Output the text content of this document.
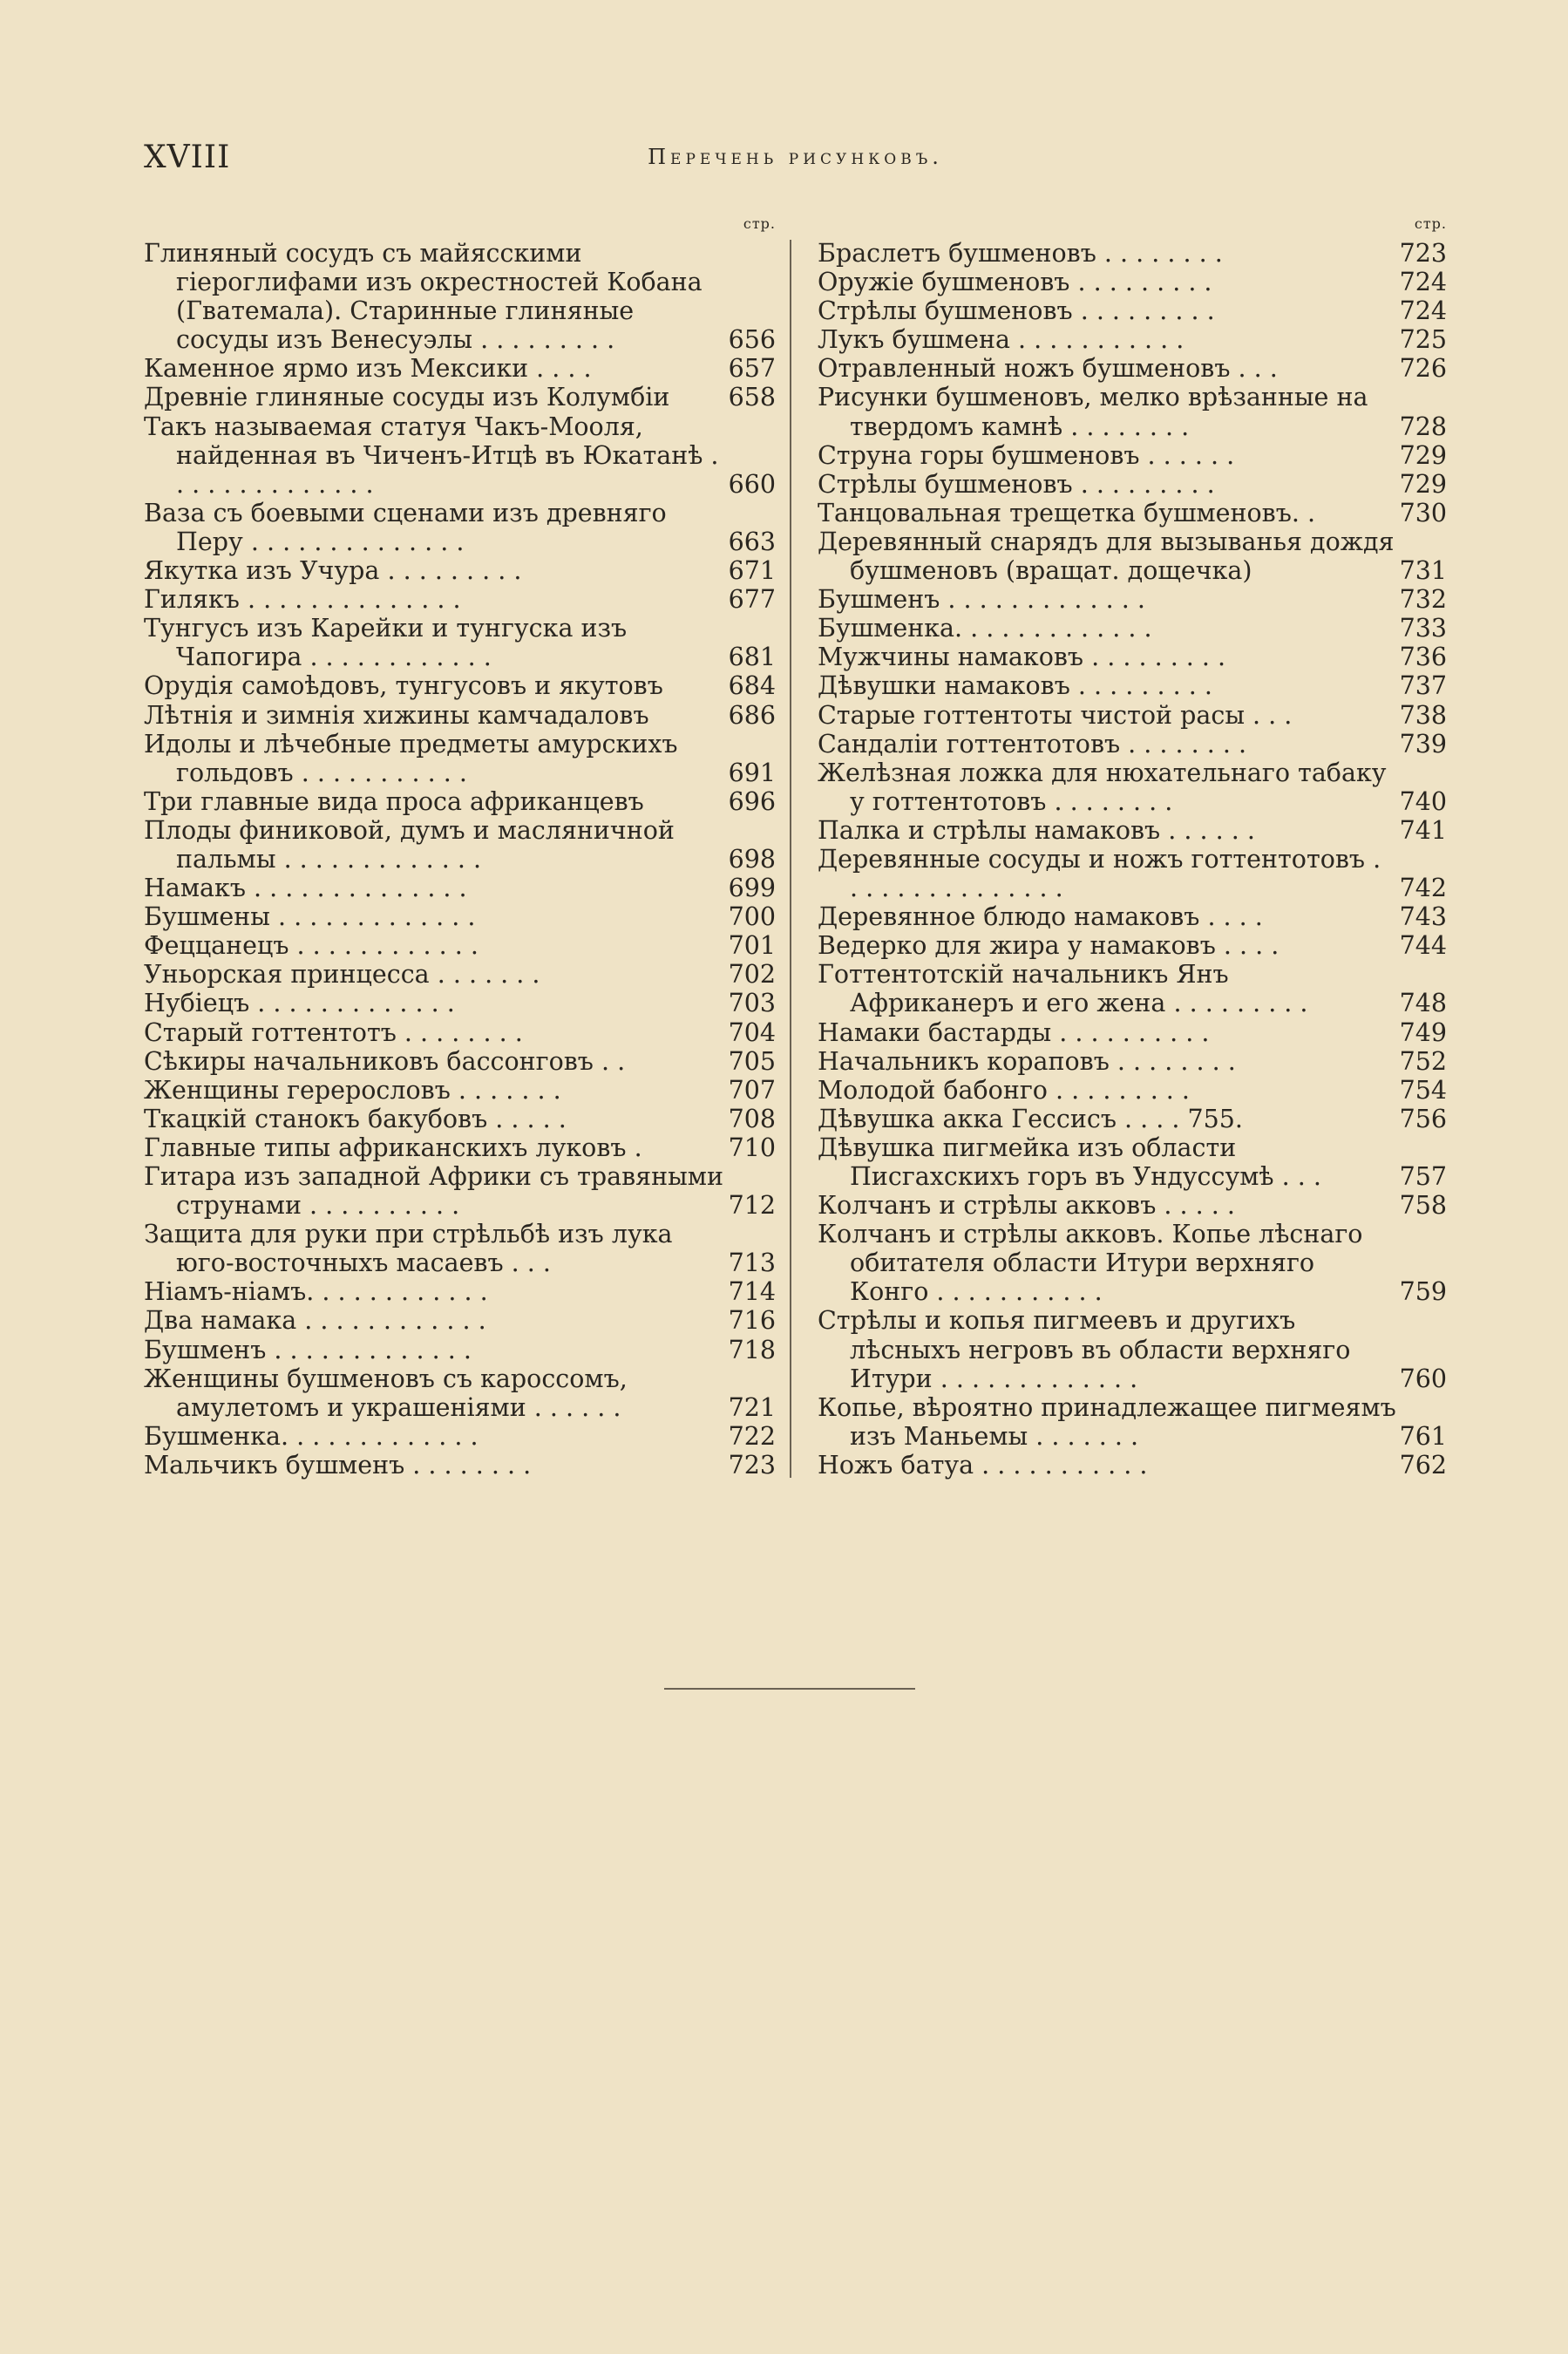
XVIII	Перечень рисунковъ.
стр.
Глиняный сосудъ съ майясскими гіероглифами изъ окрестностей Кобана (Гватемала). Старинные глиняные сосуды изъ Венесуэлы . . . . . . . . .	656
Каменное ярмо изъ Мексики . . . .	657
Древніе глиняные сосуды изъ Колумбіи	658
Такъ называемая статуя Чакъ-Мооля, найденная въ Чиченъ-Итцѣ въ Юкатанѣ . . . . . . . . . . . . . .	660
Ваза съ боевыми сценами изъ древняго Перу . . . . . . . . . . . . . .	663
Якутка изъ Учура . . . . . . . . .	671
Гилякъ . . . . . . . . . . . . . .	677
Тунгусъ изъ Карейки и тунгуска изъ Чапогира . . . . . . . . . . . .	681
Орудія самоѣдовъ, тунгусовъ и якутовъ	684
Лѣтнія и зимнія хижины камчадаловъ	686
Идолы и лѣчебные предметы амурскихъ гольдовъ . . . . . . . . . . .	691
Три главные вида проса африканцевъ	696
Плоды финиковой, думъ и масляничной пальмы . . . . . . . . . . . . .	698
Намакъ . . . . . . . . . . . . . .	699
Бушмены . . . . . . . . . . . . .	700
Феццанецъ . . . . . . . . . . . .	701
Уньорская принцесса . . . . . . .	702
Нубіецъ . . . . . . . . . . . . .	703
Старый готтентотъ . . . . . . . .	704
Сѣкиры начальниковъ бассонговъ . .	705
Женщины герерословъ . . . . . . .	707
Ткацкій станокъ бакубовъ . . . . .	708
Главные типы африканскихъ луковъ .	710
Гитара изъ западной Африки съ травяными струнами . . . . . . . . . .	712
Защита для руки при стрѣльбѣ изъ лука юго-восточныхъ масаевъ . . .	713
Ніамъ-ніамъ. . . . . . . . . . . .	714
Два намака . . . . . . . . . . . .	716
Бушменъ . . . . . . . . . . . . .	718
Женщины бушменовъ съ кароссомъ, амулетомъ и украшеніями . . . . . .	721
Бушменка. . . . . . . . . . . . .	722
Мальчикъ бушменъ . . . . . . . .	723
стр.
Браслетъ бушменовъ . . . . . . . .	723
Оружіе бушменовъ . . . . . . . . .	724
Стрѣлы бушменовъ . . . . . . . . .	724
Лукъ бушмена . . . . . . . . . . .	725
Отравленный ножъ бушменовъ . . .	726
Рисунки бушменовъ, мелко врѣзанные на твердомъ камнѣ . . . . . . . .	728
Струна горы бушменовъ . . . . . .	729
Стрѣлы бушменовъ . . . . . . . . .	729
Танцовальная трещетка бушменовъ. .	730
Деревянный снарядъ для вызыванья дождя бушменовъ (вращат. дощечка)	731
Бушменъ . . . . . . . . . . . . .	732
Бушменка. . . . . . . . . . . . .	733
Мужчины намаковъ . . . . . . . . .	736
Дѣвушки намаковъ . . . . . . . . .	737
Старые готтентоты чистой расы . . .	738
Сандаліи готтентотовъ . . . . . . . .	739
Желѣзная ложка для нюхательнаго табаку у готтентотовъ . . . . . . . .	740
Палка и стрѣлы намаковъ . . . . . .	741
Деревянные сосуды и ножъ готтентотовъ . . . . . . . . . . . . . . .	742
Деревянное блюдо намаковъ . . . .	743
Ведерко для жира у намаковъ . . . .	744
Готтентотскій начальникъ Янъ Африканеръ и его жена . . . . . . . . .	748
Намаки бастарды . . . . . . . . . .	749
Начальникъ кораповъ . . . . . . . .	752
Молодой бабонго . . . . . . . . .	754
Дѣвушка акка Гессисъ . . . . 755.	756
Дѣвушка пигмейка изъ области Писгахскихъ горъ въ Ундуссумѣ . . .	757
Колчанъ и стрѣлы акковъ . . . . .	758
Колчанъ и стрѣлы акковъ. Копье лѣснаго обитателя области Итури верхняго Конго . . . . . . . . . . .	759
Стрѣлы и копья пигмеевъ и другихъ лѣсныхъ негровъ въ области верхняго Итури . . . . . . . . . . . . .	760
Копье, вѣроятно принадлежащее пигмеямъ изъ Маньемы . . . . . . .	761
Ножъ батуа . . . . . . . . . . .	762
